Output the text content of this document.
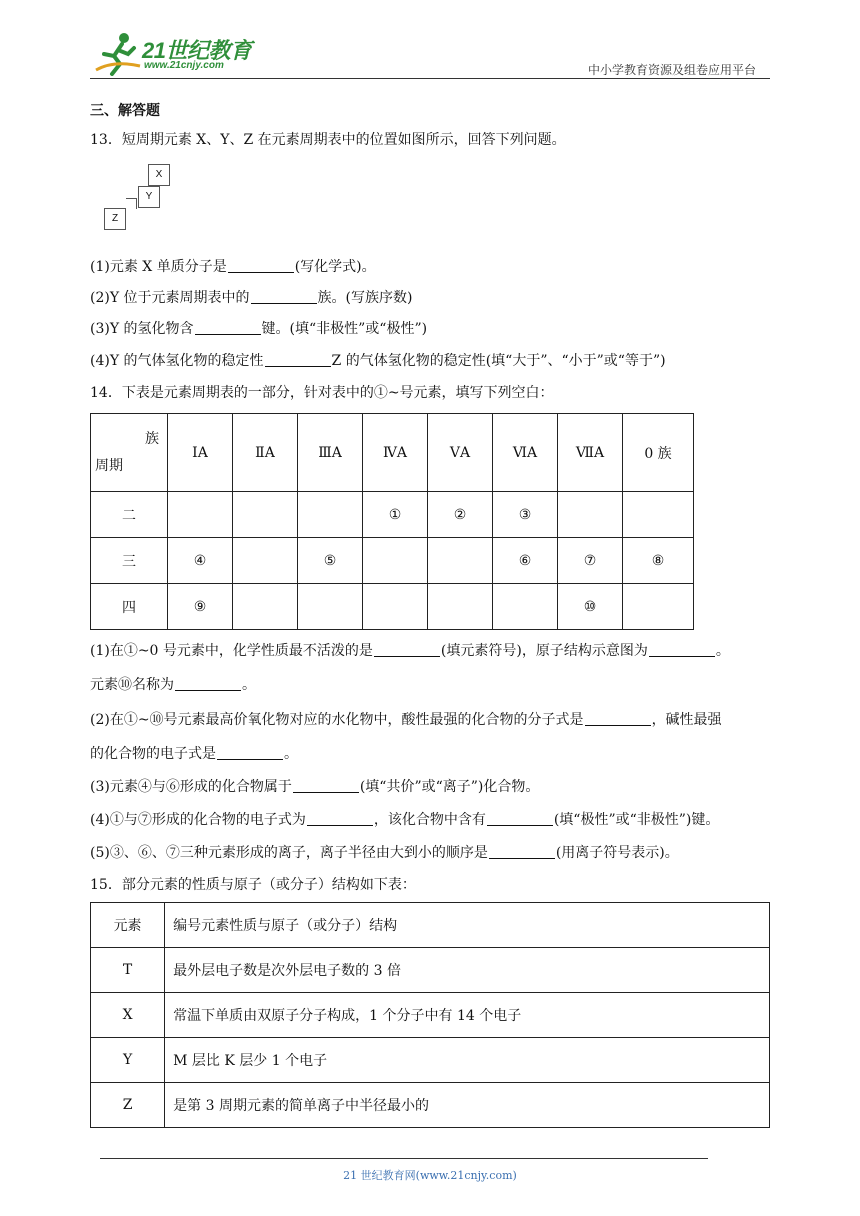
21世纪教育
www.21cnjy.com	中小学教育资源及组卷应用平台
三、解答题
13．短周期元素 X、Y、Z 在元素周期表中的位置如图所示，回答下列问题。
X
Y
Z
(1)元素 X 单质分子是	(写化学式)。
(2)Y 位于元素周期表中的	族。(写族序数)
(3)Y 的氢化物含	键。(填“非极性”或“极性”)
(4)Y 的气体氢化物的稳定性	Z 的气体氢化物的稳定性(填“大于”、“小于”或“等于”)
14．下表是元素周期表的一部分，针对表中的①~号元素，填写下列空白：
族
周期	ⅠA	ⅡA	ⅢA	ⅣA	ⅤA	ⅥA	ⅦA	0 族
二				①	②	③		
三	④		⑤			⑥	⑦	⑧
四	⑨						⑩	
(1)在①~0 号元素中，化学性质最不活泼的是	(填元素符号)，原子结构示意图为	。
元素⑩名称为	。
(2)在①~⑩号元素最高价氧化物对应的水化物中，酸性最强的化合物的分子式是	，碱性最强
的化合物的电子式是	。
(3)元素④与⑥形成的化合物属于	(填“共价”或“离子”)化合物。
(4)①与⑦形成的化合物的电子式为	，该化合物中含有	(填“极性”或“非极性”)键。
(5)③、⑥、⑦三种元素形成的离子，离子半径由大到小的顺序是	(用离子符号表示)。
15．部分元素的性质与原子（或分子）结构如下表：
元素	编号元素性质与原子（或分子）结构
T	最外层电子数是次外层电子数的 3 倍
X	常温下单质由双原子分子构成，1 个分子中有 14 个电子
Y	M 层比 K 层少 1 个电子
Z	是第 3 周期元素的简单离子中半径最小的
21 世纪教育网(www.21cnjy.com)
